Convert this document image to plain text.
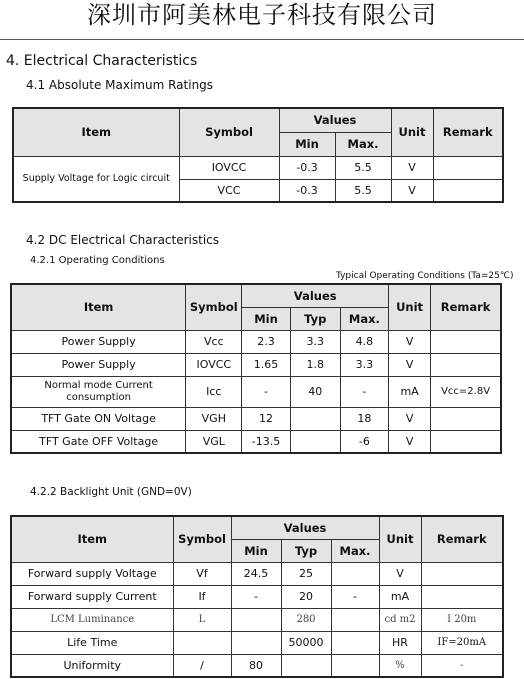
深圳市阿美林电子科技有限公司
4. Electrical Characteristics
4.1 Absolute Maximum Ratings
Item	Symbol	Values		Unit	Remark
		Min	Max.		
Supply Voltage for Logic circuit	IOVCC	-0.3	5.5	V	
	VCC	-0.3	5.5	V	
4.2 DC Electrical Characteristics
4.2.1 Operating Conditions
Typical Operating Conditions (Ta=25℃)
Item	Symbol	Values			Unit	Remark
		Min	Typ	Max.		
Power Supply	Vcc	2.3	3.3	4.8	V	
Power Supply	IOVCC	1.65	1.8	3.3	V	
Normal mode Current consumption	Icc	-	40	-	mA	Vcc=2.8V
TFT Gate ON Voltage	VGH	12		18	V	
TFT Gate OFF Voltage	VGL	-13.5		-6	V	
4.2.2 Backlight Unit (GND=0V)
Item	Symbol	Values			Unit	Remark
		Min	Typ	Max.		
Forward supply Voltage	Vf	24.5	25		V	
Forward supply Current	If	-	20	-	mA	
LCM Luminance	L		280		cd m2	I 20m
Life Time			50000		HR	IF=20mA
Uniformity	/	80			%	-
